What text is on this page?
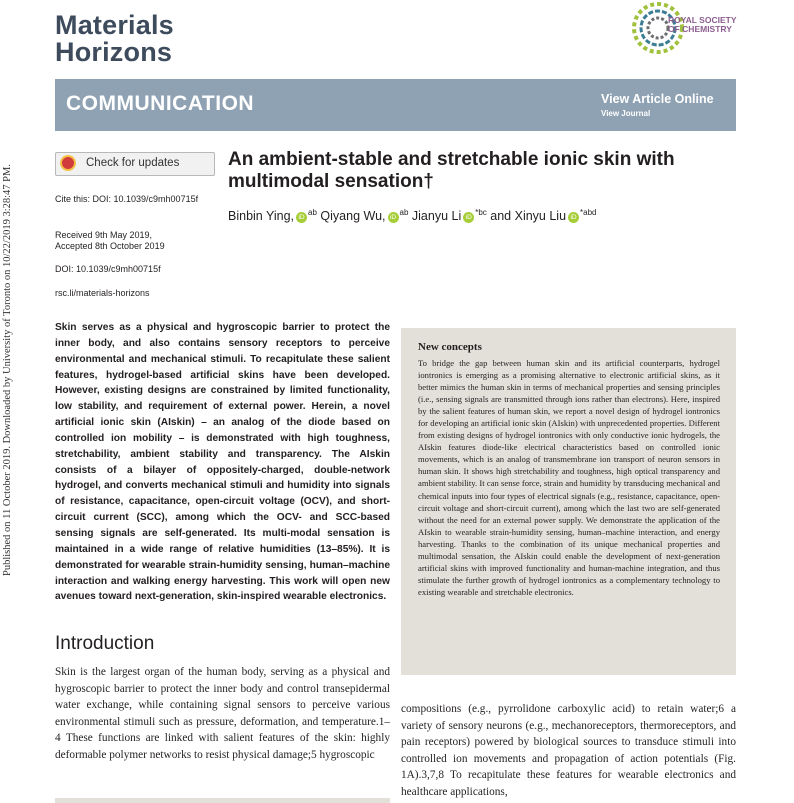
Published on 11 October 2019. Downloaded by University of Toronto on 10/22/2019 3:28:47 PM.
Materials
Horizons
ROYAL SOCIETY
OF CHEMISTRY
COMMUNICATION	View Article Online
View Journal
Check for updates
Cite this: DOI: 10.1039/c9mh00715f
Received 9th May 2019,
Accepted 8th October 2019
DOI: 10.1039/c9mh00715f
rsc.li/materials-horizons
An ambient-stable and stretchable ionic skin with multimodal sensation†
Binbin Ying, $iD^{ab}$ Qiyang Wu, $iD^{ab}$ Jianyu Li $iD^{*bc}$ and Xinyu Liu $iD^{*abd}$
Skin serves as a physical and hygroscopic barrier to protect the inner body, and also contains sensory receptors to perceive environmental and mechanical stimuli. To recapitulate these salient features, hydrogel-based artificial skins have been developed. However, existing designs are constrained by limited functionality, low stability, and requirement of external power. Herein, a novel artificial ionic skin (AIskin) – an analog of the diode based on controlled ion mobility – is demonstrated with high toughness, stretchability, ambient stability and transparency. The AIskin consists of a bilayer of oppositely-charged, double-network hydrogel, and converts mechanical stimuli and humidity into signals of resistance, capacitance, open-circuit voltage (OCV), and short-circuit current (SCC), among which the OCV- and SCC-based sensing signals are self-generated. Its multi-modal sensation is maintained in a wide range of relative humidities (13–85%). It is demonstrated for wearable strain-humidity sensing, human–machine interaction and walking energy harvesting. This work will open new avenues toward next-generation, skin-inspired wearable electronics.
New concepts
To bridge the gap between human skin and its artificial counterparts, hydrogel iontronics is emerging as a promising alternative to electronic artificial skins, as it better mimics the human skin in terms of mechanical properties and sensing principles (i.e., sensing signals are transmitted through ions rather than electrons). Here, inspired by the salient features of human skin, we report a novel design of hydrogel iontronics for developing an artificial ionic skin (AIskin) with unprecedented properties. Different from existing designs of hydrogel iontronics with only conductive ionic hydrogels, the AIskin features diode-like electrical characteristics based on controlled ionic movements, which is an analog of transmembrane ion transport of neuron sensors in human skin. It shows high stretchability and toughness, high optical transparency and ambient stability. It can sense force, strain and humidity by transducing mechanical and chemical inputs into four types of electrical signals (e.g., resistance, capacitance, open-circuit voltage and short-circuit current), among which the last two are self-generated without the need for an external power supply. We demonstrate the application of the AIskin to wearable strain-humidity sensing, human–machine interaction, and energy harvesting. Thanks to the combination of its unique mechanical properties and multimodal sensation, the AIskin could enable the development of next-generation artificial skins with improved functionality and human-machine integration, and thus stimulate the further growth of hydrogel iontronics as a complementary technology to existing wearable and stretchable electronics.
Introduction
Skin is the largest organ of the human body, serving as a physical and hygroscopic barrier to protect the inner body and control transepidermal water exchange, while containing signal sensors to perceive various environmental stimuli such as pressure, deformation, and temperature.1–4 These functions are linked with salient features of the skin: highly deformable polymer networks to resist physical damage;5 hygroscopic
compositions (e.g., pyrrolidone carboxylic acid) to retain water;6 a variety of sensory neurons (e.g., mechanoreceptors, thermoreceptors, and pain receptors) powered by biological sources to transduce stimuli into controlled ion movements and propagation of action potentials (Fig. 1A).3,7,8 To recapitulate these features for wearable electronics and healthcare applications,
